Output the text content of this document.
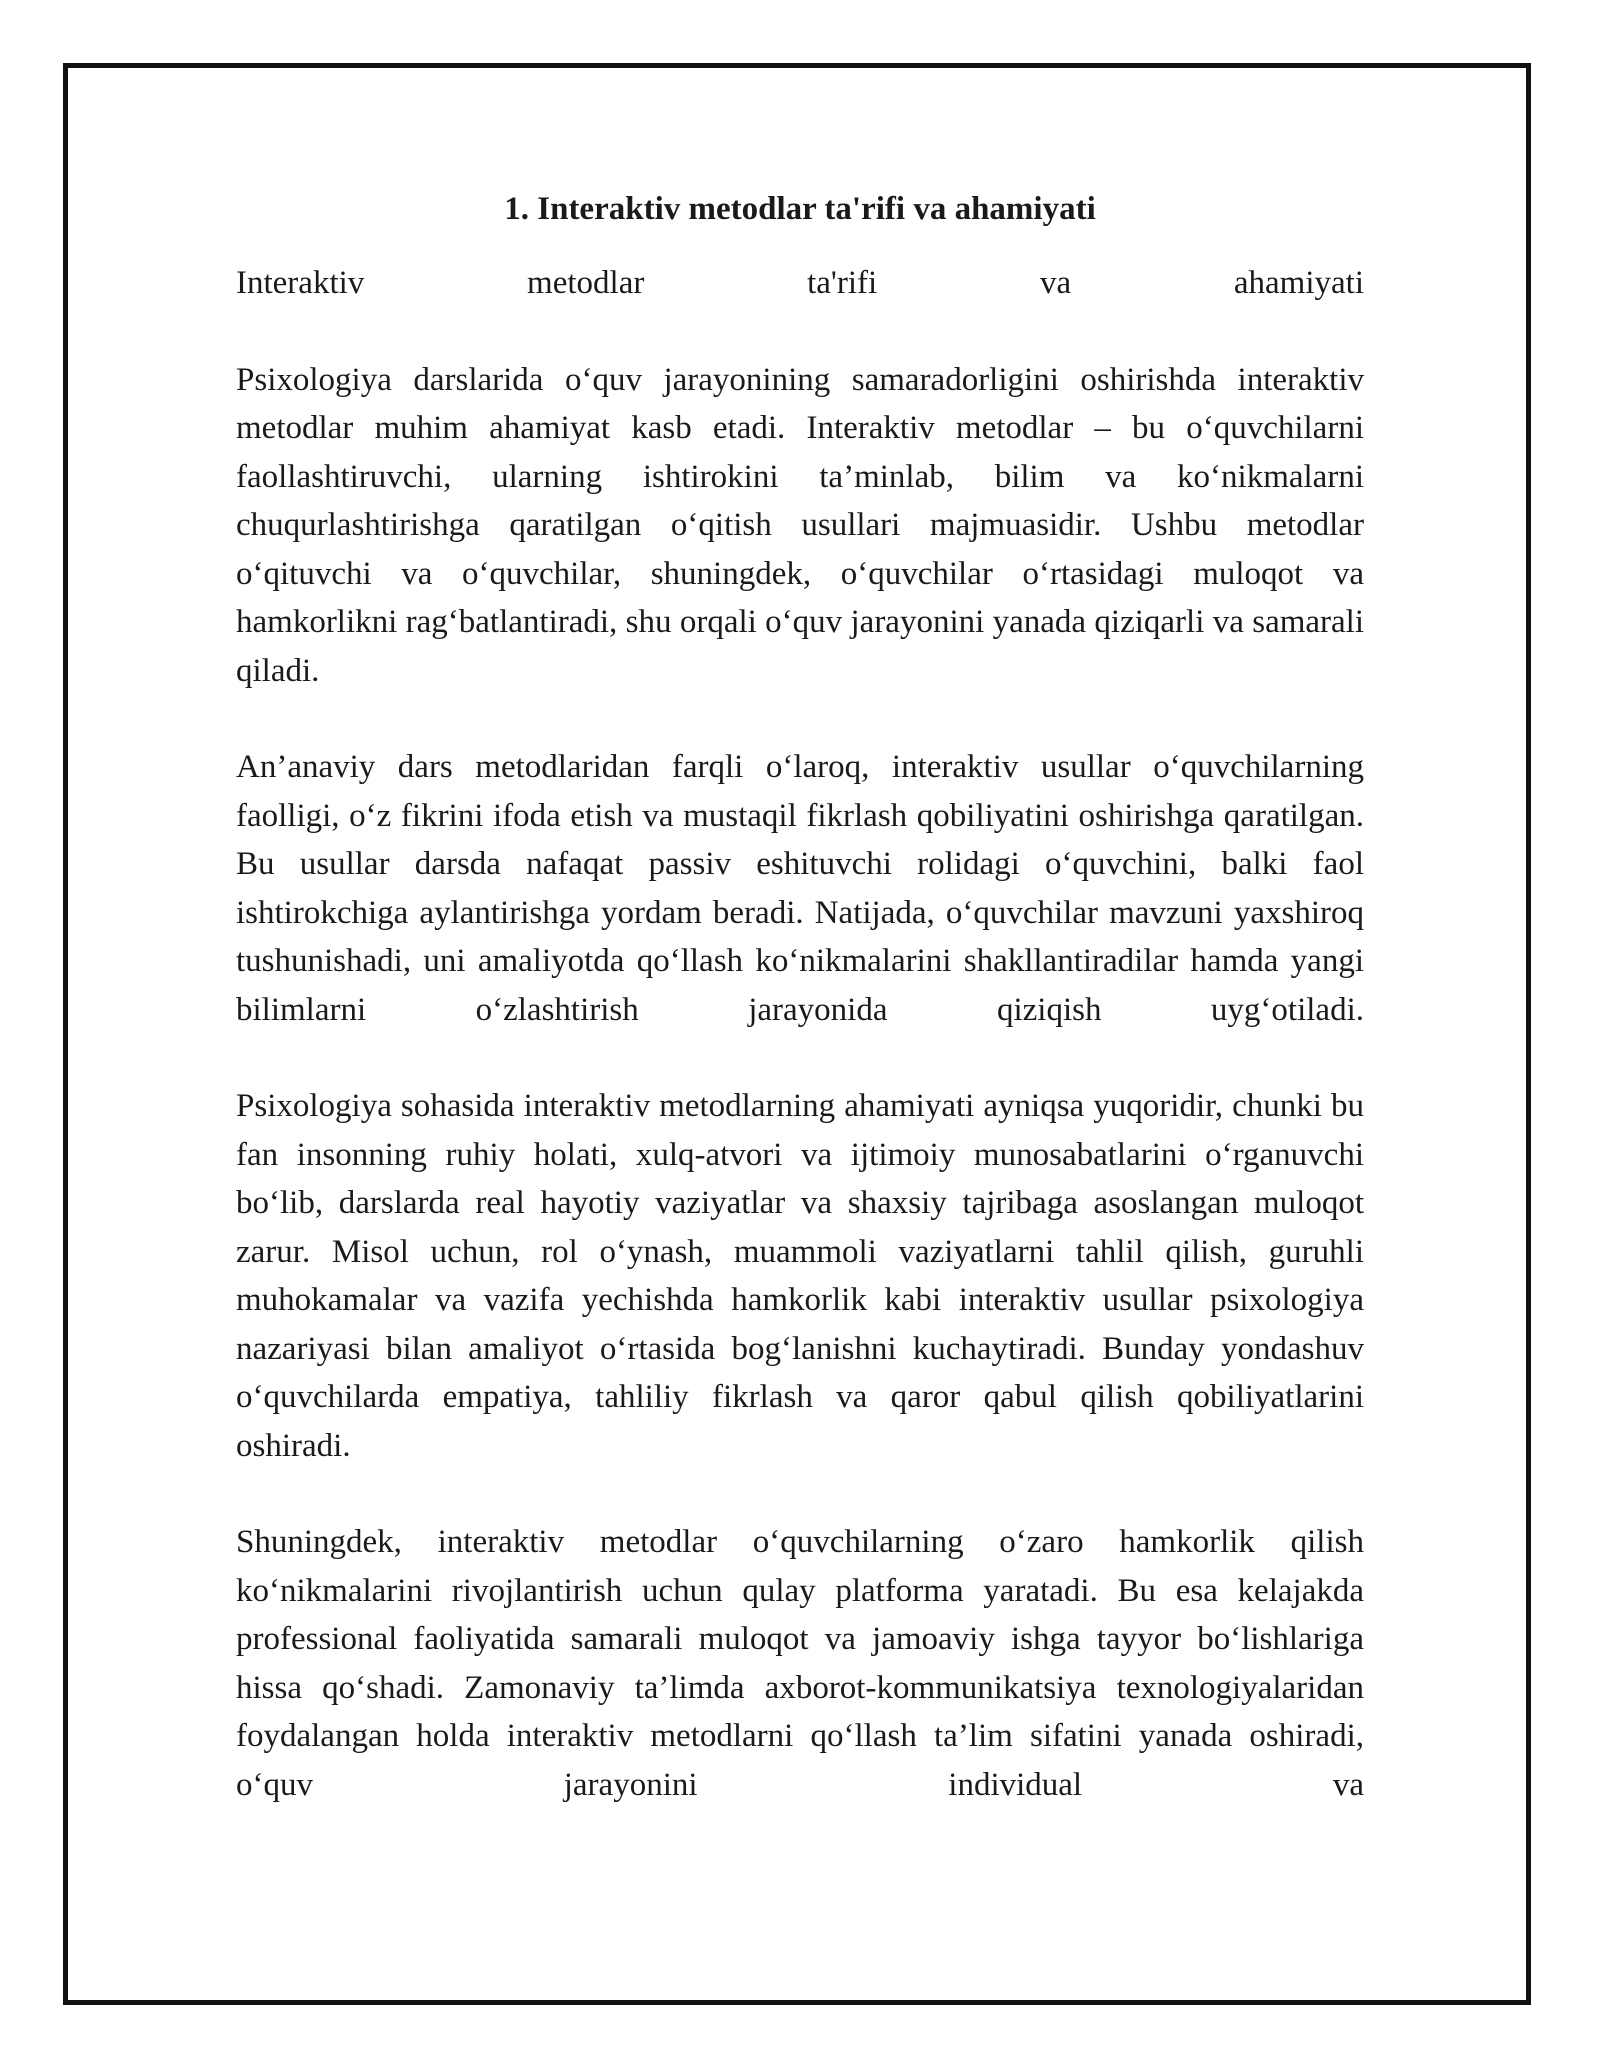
1. Interaktiv metodlar ta'rifi va ahamiyati
Interaktiv metodlar ta'rifi va ahamiyati
Psixologiya darslarida o‘quv jarayonining samaradorligini oshirishda interaktiv metodlar muhim ahamiyat kasb etadi. Interaktiv metodlar – bu o‘quvchilarni faollashtiruvchi, ularning ishtirokini ta’minlab, bilim va ko‘nikmalarni chuqurlashtirishga qaratilgan o‘qitish usullari majmuasidir. Ushbu metodlar o‘qituvchi va o‘quvchilar, shuningdek, o‘quvchilar o‘rtasidagi muloqot va hamkorlikni rag‘batlantiradi, shu orqali o‘quv jarayonini yanada qiziqarli va samarali qiladi.
An’anaviy dars metodlaridan farqli o‘laroq, interaktiv usullar o‘quvchilarning faolligi, o‘z fikrini ifoda etish va mustaqil fikrlash qobiliyatini oshirishga qaratilgan. Bu usullar darsda nafaqat passiv eshituvchi rolidagi o‘quvchini, balki faol ishtirokchiga aylantirishga yordam beradi. Natijada, o‘quvchilar mavzuni yaxshiroq tushunishadi, uni amaliyotda qo‘llash ko‘nikmalarini shakllantiradilar hamda yangi bilimlarni o‘zlashtirish jarayonida qiziqish uyg‘otiladi.
Psixologiya sohasida interaktiv metodlarning ahamiyati ayniqsa yuqoridir, chunki bu fan insonning ruhiy holati, xulq-atvori va ijtimoiy munosabatlarini o‘rganuvchi bo‘lib, darslarda real hayotiy vaziyatlar va shaxsiy tajribaga asoslangan muloqot zarur. Misol uchun, rol o‘ynash, muammoli vaziyatlarni tahlil qilish, guruhli muhokamalar va vazifa yechishda hamkorlik kabi interaktiv usullar psixologiya nazariyasi bilan amaliyot o‘rtasida bog‘lanishni kuchaytiradi. Bunday yondashuv o‘quvchilarda empatiya, tahliliy fikrlash va qaror qabul qilish qobiliyatlarini oshiradi.
Shuningdek, interaktiv metodlar o‘quvchilarning o‘zaro hamkorlik qilish ko‘nikmalarini rivojlantirish uchun qulay platforma yaratadi. Bu esa kelajakda professional faoliyatida samarali muloqot va jamoaviy ishga tayyor bo‘lishlariga hissa qo‘shadi. Zamonaviy ta’limda axborot-kommunikatsiya texnologiyalaridan foydalangan holda interaktiv metodlarni qo‘llash ta’lim sifatini yanada oshiradi, o‘quv jarayonini individual va
